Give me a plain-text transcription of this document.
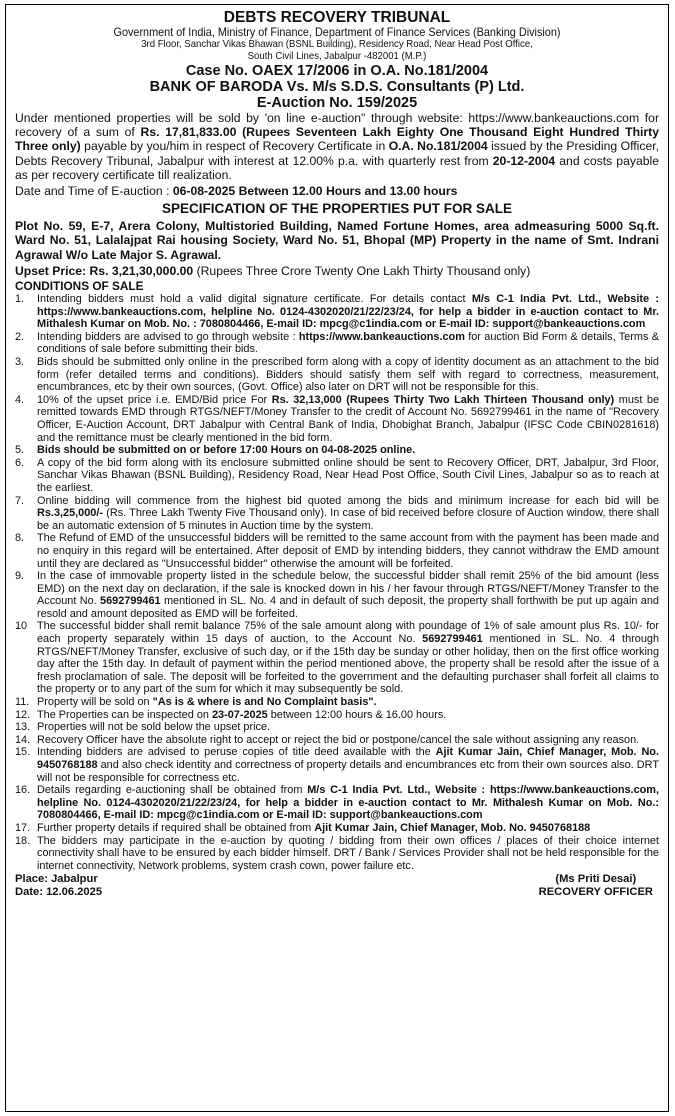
DEBTS RECOVERY TRIBUNAL
Government of India, Ministry of Finance, Department of Finance Services (Banking Division)
3rd Floor, Sanchar Vikas Bhawan (BSNL Building), Residency Road, Near Head Post Office,
South Civil Lines, Jabalpur -482001 (M.P.)
Case No. OAEX 17/2006 in O.A. No.181/2004
BANK OF BARODA Vs. M/s S.D.S. Consultants (P) Ltd.
E-Auction No. 159/2025
Under mentioned properties will be sold by 'on line e-auction" through website: https://www.bankeauctions.com for recovery of a sum of Rs. 17,81,833.00 (Rupees Seventeen Lakh Eighty One Thousand Eight Hundred Thirty Three only) payable by you/him in respect of Recovery Certificate in O.A. No.181/2004 issued by the Presiding Officer, Debts Recovery Tribunal, Jabalpur with interest at 12.00% p.a. with quarterly rest from 20-12-2004 and costs payable as per recovery certificate till realization.
Date and Time of E-auction : 06-08-2025 Between 12.00 Hours and 13.00 hours
SPECIFICATION OF THE PROPERTIES PUT FOR SALE
Plot No. 59, E-7, Arera Colony, Multistoried Building, Named Fortune Homes, area admeasuring 5000 Sq.ft. Ward No. 51, Lalalajpat Rai housing Society, Ward No. 51, Bhopal (MP) Property in the name of Smt. Indrani Agrawal W/o Late Major S. Agrawal.
Upset Price: Rs. 3,21,30,000.00 (Rupees Three Crore Twenty One Lakh Thirty Thousand only)
CONDITIONS OF SALE
1.	Intending bidders must hold a valid digital signature certificate. For details contact M/s C-1 India Pvt. Ltd., Website : https://www.bankeauctions.com, helpline No. 0124-4302020/21/22/23/24, for help a bidder in e-auction contact to Mr. Mithalesh Kumar on Mob. No. : 7080804466, E-mail ID: mpcg@c1india.com or E-mail ID: support@bankeauctions.com
2.	Intending bidders are advised to go through website : https://www.bankeauctions.com for auction Bid Form & details, Terms & conditions of sale before submitting their bids.
3.	Bids should be submitted only online in the prescribed form along with a copy of identity document as an attachment to the bid form (refer detailed terms and conditions). Bidders should satisfy them self with regard to correctness, measurement, encumbrances, etc by their own sources, (Govt. Office) also later on DRT will not be responsible for this.
4.	10% of the upset price i.e. EMD/Bid price For Rs. 32,13,000 (Rupees Thirty Two Lakh Thirteen Thousand only) must be remitted towards EMD through RTGS/NEFT/Money Transfer to the credit of Account No. 5692799461 in the name of "Recovery Officer, E-Auction Account, DRT Jabalpur with Central Bank of India, Dhobighat Branch, Jabalpur (IFSC Code CBIN0281618) and the remittance must be clearly mentioned in the bid form.
5.	Bids should be submitted on or before 17:00 Hours on 04-08-2025 online.
6.	A copy of the bid form along with its enclosure submitted online should be sent to Recovery Officer, DRT, Jabalpur, 3rd Floor, Sanchar Vikas Bhawan (BSNL Building), Residency Road, Near Head Post Office, South Civil Lines, Jabalpur so as to reach at the earliest.
7.	Online bidding will commence from the highest bid quoted among the bids and minimum increase for each bid will be Rs.3,25,000/- (Rs. Three Lakh Twenty Five Thousand only). In case of bid received before closure of Auction window, there shall be an automatic extension of 5 minutes in Auction time by the system.
8.	The Refund of EMD of the unsuccessful bidders will be remitted to the same account from with the payment has been made and no enquiry in this regard will be entertained. After deposit of EMD by intending bidders, they cannot withdraw the EMD amount until they are declared as "Unsuccessful bidder" otherwise the amount will be forfeited.
9.	In the case of immovable property listed in the schedule below, the successful bidder shall remit 25% of the bid amount (less EMD) on the next day on declaration, if the sale is knocked down in his / her favour through RTGS/NEFT/Money Transfer to the Account No. 5692799461 mentioned in SL. No. 4 and in default of such deposit, the property shall forthwith be put up again and resold and amount deposited as EMD will be forfeited.
10 The successful bidder shall remit balance 75% of the sale amount along with poundage of 1% of sale amount plus Rs. 10/- for each property separately within 15 days of auction, to the Account No. 5692799461 mentioned in SL. No. 4 through RTGS/NEFT/Money Transfer, exclusive of such day, or if the 15th day be sunday or other holiday, then on the first office working day after the 15th day. In default of payment within the period mentioned above, the property shall be resold after the issue of a fresh proclamation of sale. The deposit will be forfeited to the government and the defaulting purchaser shall forfeit all claims to the property or to any part of the sum for which it may subsequently be sold.
11. Property will be sold on "As is & where is and No Complaint basis".
12. The Properties can be inspected on 23-07-2025 between 12:00 hours & 16.00 hours.
13. Properties will not be sold below the upset price.
14. Recovery Officer have the absolute right to accept or reject the bid or postpone/cancel the sale without assigning any reason.
15. Intending bidders are advised to peruse copies of title deed available with the Ajit Kumar Jain, Chief Manager, Mob. No. 9450768188 and also check identity and correctness of property details and encumbrances etc from their own sources also. DRT will not be responsible for correctness etc.
16. Details regarding e-auctioning shall be obtained from M/s C-1 India Pvt. Ltd., Website : https://www.bankeauctions.com, helpline No. 0124-4302020/21/22/23/24, for help a bidder in e-auction contact to Mr. Mithalesh Kumar on Mob. No.: 7080804466, E-mail ID: mpcg@c1india.com or E-mail ID: support@bankeauctions.com
17. Further property details if required shall be obtained from Ajit Kumar Jain, Chief Manager, Mob. No. 9450768188
18. The bidders may participate in the e-auction by quoting / bidding from their own offices / places of their choice internet connectivity shall have to be ensured by each bidder himself. DRT / Bank / Services Provider shall not be held responsible for the internet connectivity, Network problems, system crash cown, power failure etc.
Place: Jabalpur
Date: 12.06.2025
(Ms Priti Desai)
RECOVERY OFFICER
